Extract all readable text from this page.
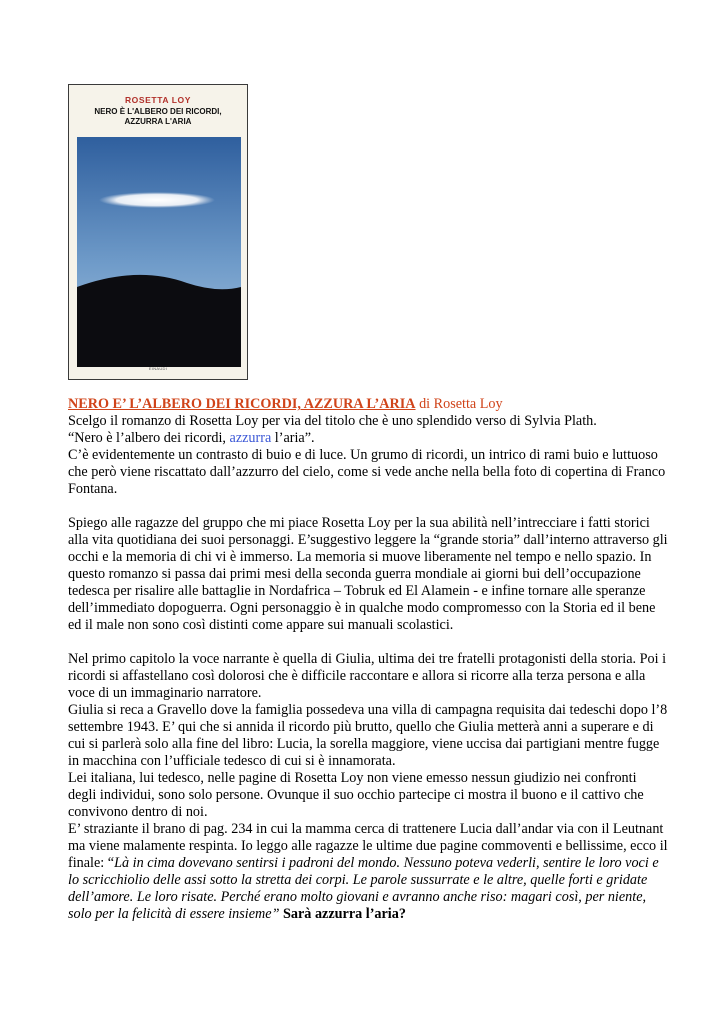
ROSETTA LOY
NERO È L'ALBERO DEI RICORDI,
AZZURRA L'ARIA
EINAUDI

NERO E’ L’ALBERO DEI RICORDI, AZZURA L’ARIA di Rosetta Loy

Scelgo il romanzo di Rosetta Loy per via del titolo che è uno splendido verso di Sylvia Plath.

“Nero è l’albero dei ricordi, azzurra l’aria”.

C’è evidentemente un contrasto di buio e di luce. Un grumo di ricordi, un intrico di rami buio e luttuoso che però viene riscattato dall’azzurro del cielo, come si vede anche nella bella foto di copertina di Franco Fontana.

Spiego alle ragazze del gruppo che mi piace Rosetta Loy per la sua abilità nell’intrecciare i fatti storici alla vita quotidiana dei suoi personaggi. E’suggestivo leggere la “grande storia” dall’interno attraverso gli occhi e la memoria di chi vi è immerso. La memoria si muove liberamente nel tempo e nello spazio. In questo romanzo si passa dai primi mesi della seconda guerra mondiale ai giorni bui dell’occupazione tedesca per risalire alle battaglie in Nordafrica – Tobruk ed El Alamein - e infine tornare alle speranze dell’immediato dopoguerra. Ogni personaggio è in qualche modo compromesso con la Storia ed il bene ed il male non sono così distinti come appare sui manuali scolastici.

Nel primo capitolo la voce narrante è quella di Giulia, ultima dei tre fratelli protagonisti della storia. Poi i ricordi si affastellano così dolorosi che è difficile raccontare e allora si ricorre alla terza persona e alla voce di un immaginario narratore.

Giulia si reca a Gravello dove la famiglia possedeva una villa di campagna requisita dai tedeschi dopo l’8 settembre 1943. E’ qui che si annida il ricordo più brutto, quello che Giulia metterà anni a superare e di cui si parlerà solo alla fine del libro: Lucia, la sorella maggiore, viene uccisa dai partigiani mentre fugge in macchina con l’ufficiale tedesco di cui si è innamorata.

Lei italiana, lui tedesco, nelle pagine di Rosetta Loy non viene emesso nessun giudizio nei confronti degli individui, sono solo persone. Ovunque il suo occhio partecipe ci mostra il buono e il cattivo che convivono dentro di noi.

E’ straziante il brano di pag. 234 in cui la mamma cerca di trattenere Lucia dall’andar via con il Leutnant ma viene malamente respinta. Io leggo alle ragazze le ultime due pagine commoventi e bellissime, ecco il finale: “Là in cima dovevano sentirsi i padroni del mondo. Nessuno poteva vederli, sentire le loro voci e lo scricchiolio delle assi sotto la stretta dei corpi. Le parole sussurrate e le altre, quelle forti e gridate dell’amore. Le loro risate. Perché erano molto giovani e avranno anche riso: magari così, per niente, solo per la felicità di essere insieme” Sarà azzurra l’aria?
